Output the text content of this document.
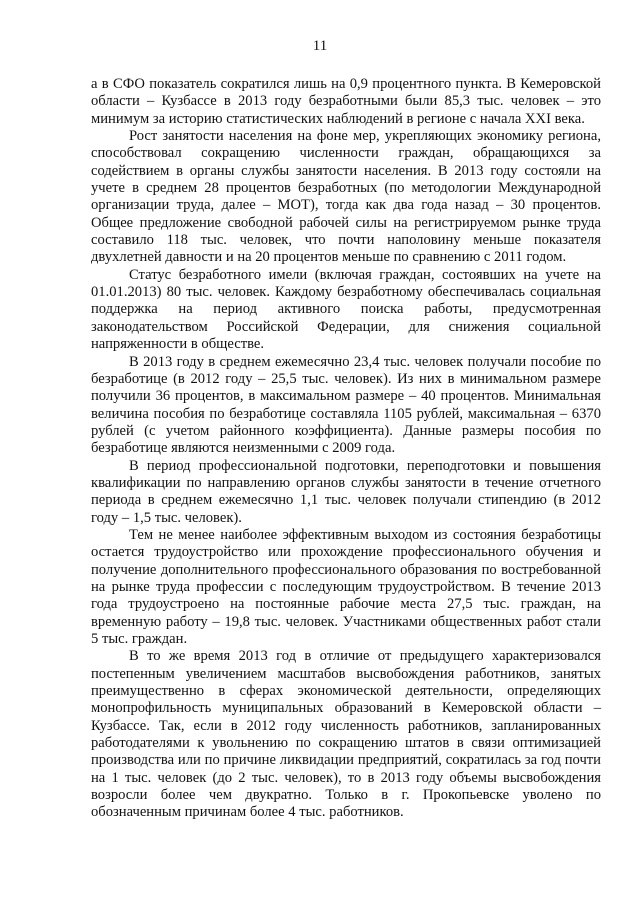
11

а в СФО показатель сократился лишь на 0,9 процентного пункта. В Кемеровской области – Кузбассе в 2013 году безработными были 85,3 тыс. человек – это минимум за историю статистических наблюдений в регионе с начала XXI века.

Рост занятости населения на фоне мер, укрепляющих экономику региона, способствовал сокращению численности граждан, обращающихся за содействием в органы службы занятости населения. В 2013 году состояли на учете в среднем 28 процентов безработных (по методологии Международной организации труда, далее – МОТ), тогда как два года назад – 30 процентов. Общее предложение свободной рабочей силы на регистрируемом рынке труда составило 118 тыс. человек, что почти наполовину меньше показателя двухлетней давности и на 20 процентов меньше по сравнению с 2011 годом.

Статус безработного имели (включая граждан, состоявших на учете на 01.01.2013) 80 тыс. человек. Каждому безработному обеспечивалась социальная поддержка на период активного поиска работы, предусмотренная законодательством Российской Федерации, для снижения социальной напряженности в обществе.

В 2013 году в среднем ежемесячно 23,4 тыс. человек получали пособие по безработице (в 2012 году – 25,5 тыс. человек). Из них в минимальном размере получили 36 процентов, в максимальном размере – 40 процентов. Минимальная величина пособия по безработице составляла 1105 рублей, максимальная – 6370 рублей (с учетом районного коэффициента). Данные размеры пособия по безработице являются неизменными с 2009 года.

В период профессиональной подготовки, переподготовки и повышения квалификации по направлению органов службы занятости в течение отчетного периода в среднем ежемесячно 1,1 тыс. человек получали стипендию (в 2012 году – 1,5 тыс. человек).

Тем не менее наиболее эффективным выходом из состояния безработицы остается трудоустройство или прохождение профессионального обучения и получение дополнительного профессионального образования по востребованной на рынке труда профессии с последующим трудоустройством. В течение 2013 года трудоустроено на постоянные рабочие места 27,5 тыс. граждан, на временную работу – 19,8 тыс. человек. Участниками общественных работ стали 5 тыс. граждан.

В то же время 2013 год в отличие от предыдущего характеризовался постепенным увеличением масштабов высвобождения работников, занятых преимущественно в сферах экономической деятельности, определяющих монопрофильность муниципальных образований в Кемеровской области – Кузбассе. Так, если в 2012 году численность работников, запланированных работодателями к увольнению по сокращению штатов в связи оптимизацией производства или по причине ликвидации предприятий, сократилась за год почти на 1 тыс. человек (до 2 тыс. человек), то в 2013 году объемы высвобождения возросли более чем двукратно. Только в г. Прокопьевске уволено по обозначенным причинам более 4 тыс. работников.
